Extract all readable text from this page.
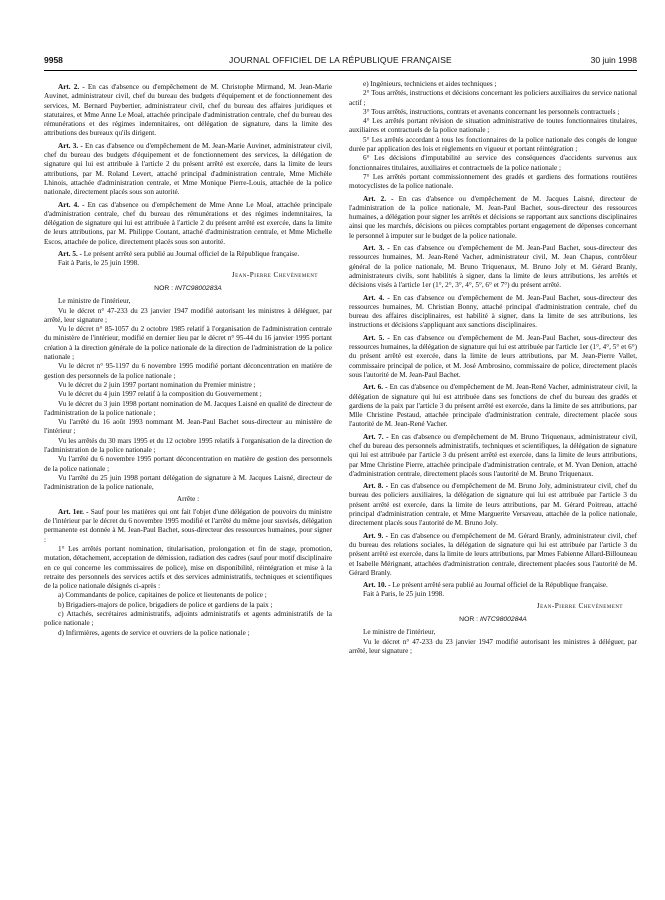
9958	JOURNAL OFFICIEL DE LA RÉPUBLIQUE FRANÇAISE	30 juin 1998

Art. 2. - En cas d'absence ou d'empêchement de M. Christophe Mirmand, M. Jean-Marie Auvinet, administrateur civil, chef du bureau des budgets d'équipement et de fonctionnement des services, M. Bernard Puybertier, administrateur civil, chef du bureau des affaires juridiques et statutaires, et Mme Anne Le Moal, attachée principale d'administration centrale, chef du bureau des rémunérations et des régimes indemnitaires, ont délégation de signature, dans la limite des attributions des bureaux qu'ils dirigent.

Art. 3. - En cas d'absence ou d'empêchement de M. Jean-Marie Auvinet, administrateur civil, chef du bureau des budgets d'équipement et de fonctionnement des services, la délégation de signature qui lui est attribuée à l'article 2 du présent arrêté est exercée, dans la limite de leurs attributions, par M. Roland Levert, attaché principal d'administration centrale, Mme Michèle Lhinois, attachée d'administration centrale, et Mme Monique Pierre-Louis, attachée de la police nationale, directement placés sous son autorité.

Art. 4. - En cas d'absence ou d'empêchement de Mme Anne Le Moal, attachée principale d'administration centrale, chef du bureau des rémunérations et des régimes indemnitaires, la délégation de signature qui lui est attribuée à l'article 2 du présent arrêté est exercée, dans la limite de leurs attributions, par M. Philippe Coutant, attaché d'administration centrale, et Mme Michelle Escos, attachée de police, directement placés sous son autorité.

Art. 5. - Le présent arrêté sera publié au Journal officiel de la République française.

Fait à Paris, le 25 juin 1998.

Jean-Pierre Chevènement

NOR : INTC9800283A

Le ministre de l'intérieur,

Vu le décret n° 47-233 du 23 janvier 1947 modifié autorisant les ministres à déléguer, par arrêté, leur signature ;

Vu le décret n° 85-1057 du 2 octobre 1985 relatif à l'organisation de l'administration centrale du ministère de l'intérieur, modifié en dernier lieu par le décret n° 95-44 du 16 janvier 1995 portant création à la direction générale de la police nationale de la direction de l'administration de la police nationale ;

Vu le décret n° 95-1197 du 6 novembre 1995 modifié portant déconcentration en matière de gestion des personnels de la police nationale ;

Vu le décret du 2 juin 1997 portant nomination du Premier ministre ;

Vu le décret du 4 juin 1997 relatif à la composition du Gouvernement ;

Vu le décret du 3 juin 1998 portant nomination de M. Jacques Laisné en qualité de directeur de l'administration de la police nationale ;

Vu l'arrêté du 16 août 1993 nommant M. Jean-Paul Bachet sous-directeur au ministère de l'intérieur ;

Vu les arrêtés du 30 mars 1995 et du 12 octobre 1995 relatifs à l'organisation de la direction de l'administration de la police nationale ;

Vu l'arrêté du 6 novembre 1995 portant déconcentration en matière de gestion des personnels de la police nationale ;

Vu l'arrêté du 25 juin 1998 portant délégation de signature à M. Jacques Laisné, directeur de l'administration de la police nationale,

Arrête :

Art. 1er. - Sauf pour les matières qui ont fait l'objet d'une délégation de pouvoirs du ministre de l'intérieur par le décret du 6 novembre 1995 modifié et l'arrêté du même jour susvisés, délégation permanente est donnée à M. Jean-Paul Bachet, sous-directeur des ressources humaines, pour signer :

1° Les arrêtés portant nomination, titularisation, prolongation et fin de stage, promotion, mutation, détachement, acceptation de démission, radiation des cadres (sauf pour motif disciplinaire en ce qui concerne les commissaires de police), mise en disponibilité, réintégration et mise à la retraite des personnels des services actifs et des services administratifs, techniques et scientifiques de la police nationale désignés ci-après :

a) Commandants de police, capitaines de police et lieutenants de police ;

b) Brigadiers-majors de police, brigadiers de police et gardiens de la paix ;

c) Attachés, secrétaires administratifs, adjoints administratifs et agents administratifs de la police nationale ;

d) Infirmières, agents de service et ouvriers de la police nationale ;

e) Ingénieurs, techniciens et aides techniques ;

2° Tous arrêtés, instructions et décisions concernant les policiers auxiliaires du service national actif ;

3° Tous arrêtés, instructions, contrats et avenants concernant les personnels contractuels ;

4° Les arrêtés portant révision de situation administrative de toutes fonctionnaires titulaires, auxiliaires et contractuels de la police nationale ;

5° Les arrêtés accordant à tous les fonctionnaires de la police nationale des congés de longue durée par application des lois et règlements en vigueur et portant réintégration ;

6° Les décisions d'imputabilité au service des conséquences d'accidents survenus aux fonctionnaires titulaires, auxiliaires et contractuels de la police nationale ;

7° Les arrêtés portant commissionnement des gradés et gardiens des formations routières motocyclistes de la police nationale.

Art. 2. - En cas d'absence ou d'empêchement de M. Jacques Laisné, directeur de l'administration de la police nationale, M. Jean-Paul Bachet, sous-directeur des ressources humaines, a délégation pour signer les arrêtés et décisions se rapportant aux sanctions disciplinaires ainsi que les marchés, décisions ou pièces comptables portant engagement de dépenses concernant le personnel à imputer sur le budget de la police nationale.

Art. 3. - En cas d'absence ou d'empêchement de M. Jean-Paul Bachet, sous-directeur des ressources humaines, M. Jean-René Vacher, administrateur civil, M. Jean Chapus, contrôleur général de la police nationale, M. Bruno Triquenaux, M. Bruno Joly et M. Gérard Branly, administrateurs civils, sont habilités à signer, dans la limite de leurs attributions, les arrêtés et décisions visés à l'article 1er (1°, 2°, 3°, 4°, 5°, 6° et 7°) du présent arrêté.

Art. 4. - En cas d'absence ou d'empêchement de M. Jean-Paul Bachet, sous-directeur des ressources humaines, M. Christian Bonny, attaché principal d'administration centrale, chef du bureau des affaires disciplinaires, est habilité à signer, dans la limite de ses attributions, les instructions et décisions s'appliquant aux sanctions disciplinaires.

Art. 5. - En cas d'absence ou d'empêchement de M. Jean-Paul Bachet, sous-directeur des ressources humaines, la délégation de signature qui lui est attribuée par l'article 1er (1°, 4°, 5° et 6°) du présent arrêté est exercée, dans la limite de leurs attributions, par M. Jean-Pierre Vallet, commissaire principal de police, et M. José Ambrosino, commissaire de police, directement placés sous l'autorité de M. Jean-Paul Bachet.

Art. 6. - En cas d'absence ou d'empêchement de M. Jean-René Vacher, administrateur civil, la délégation de signature qui lui est attribuée dans ses fonctions de chef du bureau des gradés et gardiens de la paix par l'article 3 du présent arrêté est exercée, dans la limite de ses attributions, par Mlle Christine Pestaud, attachée principale d'administration centrale, directement placée sous l'autorité de M. Jean-René Vacher.

Art. 7. - En cas d'absence ou d'empêchement de M. Bruno Triquenaux, administrateur civil, chef du bureau des personnels administratifs, techniques et scientifiques, la délégation de signature qui lui est attribuée par l'article 3 du présent arrêté est exercée, dans la limite de leurs attributions, par Mme Christine Pierre, attachée principale d'administration centrale, et M. Yvan Denion, attaché d'administration centrale, directement placés sous l'autorité de M. Bruno Triquenaux.

Art. 8. - En cas d'absence ou d'empêchement de M. Bruno Joly, administrateur civil, chef du bureau des policiers auxiliaires, la délégation de signature qui lui est attribuée par l'article 3 du présent arrêté est exercée, dans la limite de leurs attributions, par M. Gérard Poitreau, attaché principal d'administration centrale, et Mme Marguerite Versaveau, attachée de la police nationale, directement placés sous l'autorité de M. Bruno Joly.

Art. 9. - En cas d'absence ou d'empêchement de M. Gérard Branly, administrateur civil, chef du bureau des relations sociales, la délégation de signature qui lui est attribuée par l'article 3 du présent arrêté est exercée, dans la limite de leurs attributions, par Mmes Fabienne Allard-Billouneau et Isabelle Mérignant, attachées d'administration centrale, directement placées sous l'autorité de M. Gérard Branly.

Art. 10. - Le présent arrêté sera publié au Journal officiel de la République française.

Fait à Paris, le 25 juin 1998.

Jean-Pierre Chevènement

NOR : INTC9800284A

Le ministre de l'intérieur,

Vu le décret n° 47-233 du 23 janvier 1947 modifié autorisant les ministres à déléguer, par arrêté, leur signature ;
